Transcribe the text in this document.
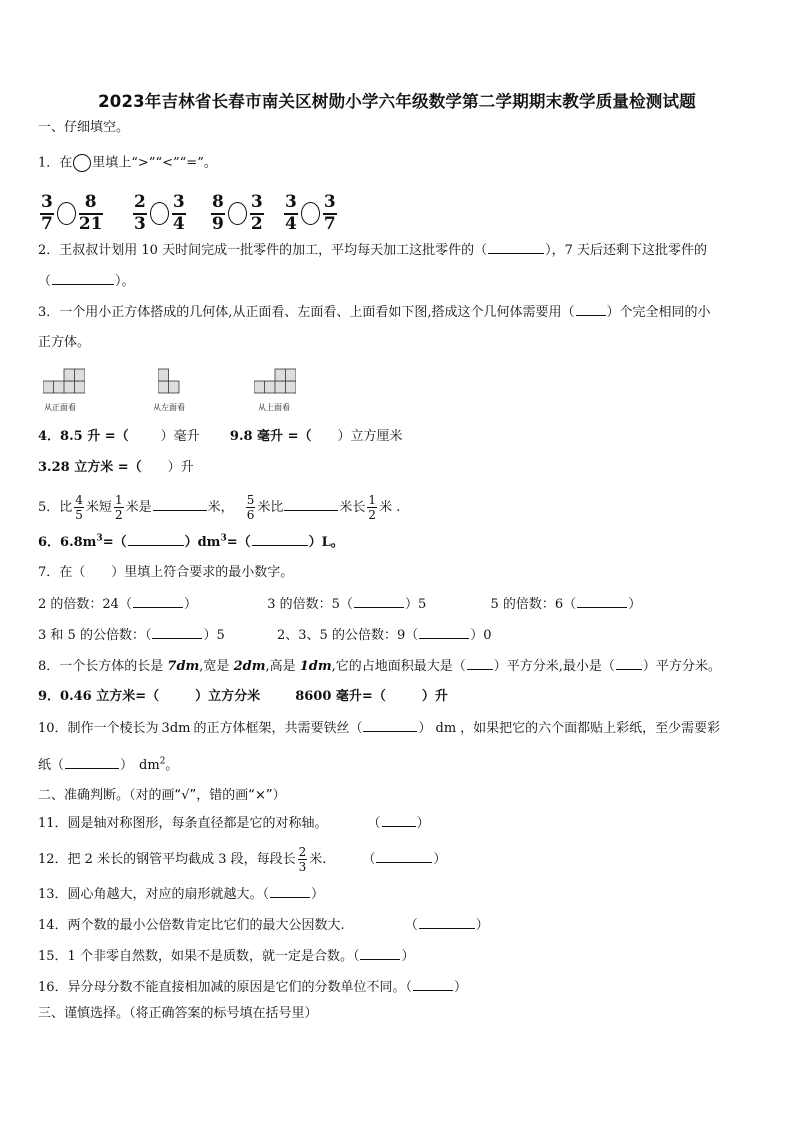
2023年吉林省长春市南关区树勋小学六年级数学第二学期期末教学质量检测试题
一、仔细填空。
1．在 里填上“>”“<”“=”。
$\frac{3}{7} \frac{8}{21} \frac{2}{3} \frac{3}{4} \frac{8}{9} \frac{3}{2} \frac{3}{4} \frac{3}{7}$
2．王叔叔计划用 10 天时间完成一批零件的加工，平均每天加工这批零件的（	），7 天后还剩下这批零件的
（	）。
3．一个用小正方体搭成的几何体,从正面看、左面看、上面看如下图,搭成这个几何体需要用（ ）个完全相同的小
正方体。
从正面看	从左面看	从上面看
4．8.5 升 =（ ）毫升 9.8 毫升 =（ ）立方厘米
3.28 立方米 =（ ）升
5．比 $\frac{4}{5}$ 米短 $\frac{1}{2}$ 米是	米， $\frac{5}{6}$ 米比	米长 $\frac{1}{2}$ 米 .
6．$6.8m^3=$（	）$dm^3=$（	）L。
7．在（　　）里填上符合要求的最小数字。
2 的倍数：24（	）	3 的倍数：5（	）5	5 的倍数：6（	）
3 和 5 的公倍数：（	）5	2、3、5 的公倍数：9（	）0
8．一个长方体的长是 7dm,宽是 2dm,高是 1dm,它的占地面积最大是（ ）平方分米,最小是（ ）平方分米。
9．0.46 立方米=（	）立方分米	8600 毫升=（	）升
10．制作一个棱长为 3dm 的正方体框架，共需要铁丝（	） dm ，如果把它的六个面都贴上彩纸，至少需要彩
纸（	） $dm^2$。
二、准确判断。（对的画“√”，错的画“×”）
11．圆是轴对称图形，每条直径都是它的对称轴。	（	）
12．把 2 米长的钢管平均截成 3 段，每段长 $\frac{2}{3}$ 米.	（	）
13．圆心角越大，对应的扇形就越大。（	）
14．两个数的最小公倍数肯定比它们的最大公因数大.	（	）
15．1 个非零自然数，如果不是质数，就一定是合数。（	）
16．异分母分数不能直接相加减的原因是它们的分数单位不同。（	）
三、谨慎选择。（将正确答案的标号填在括号里）
